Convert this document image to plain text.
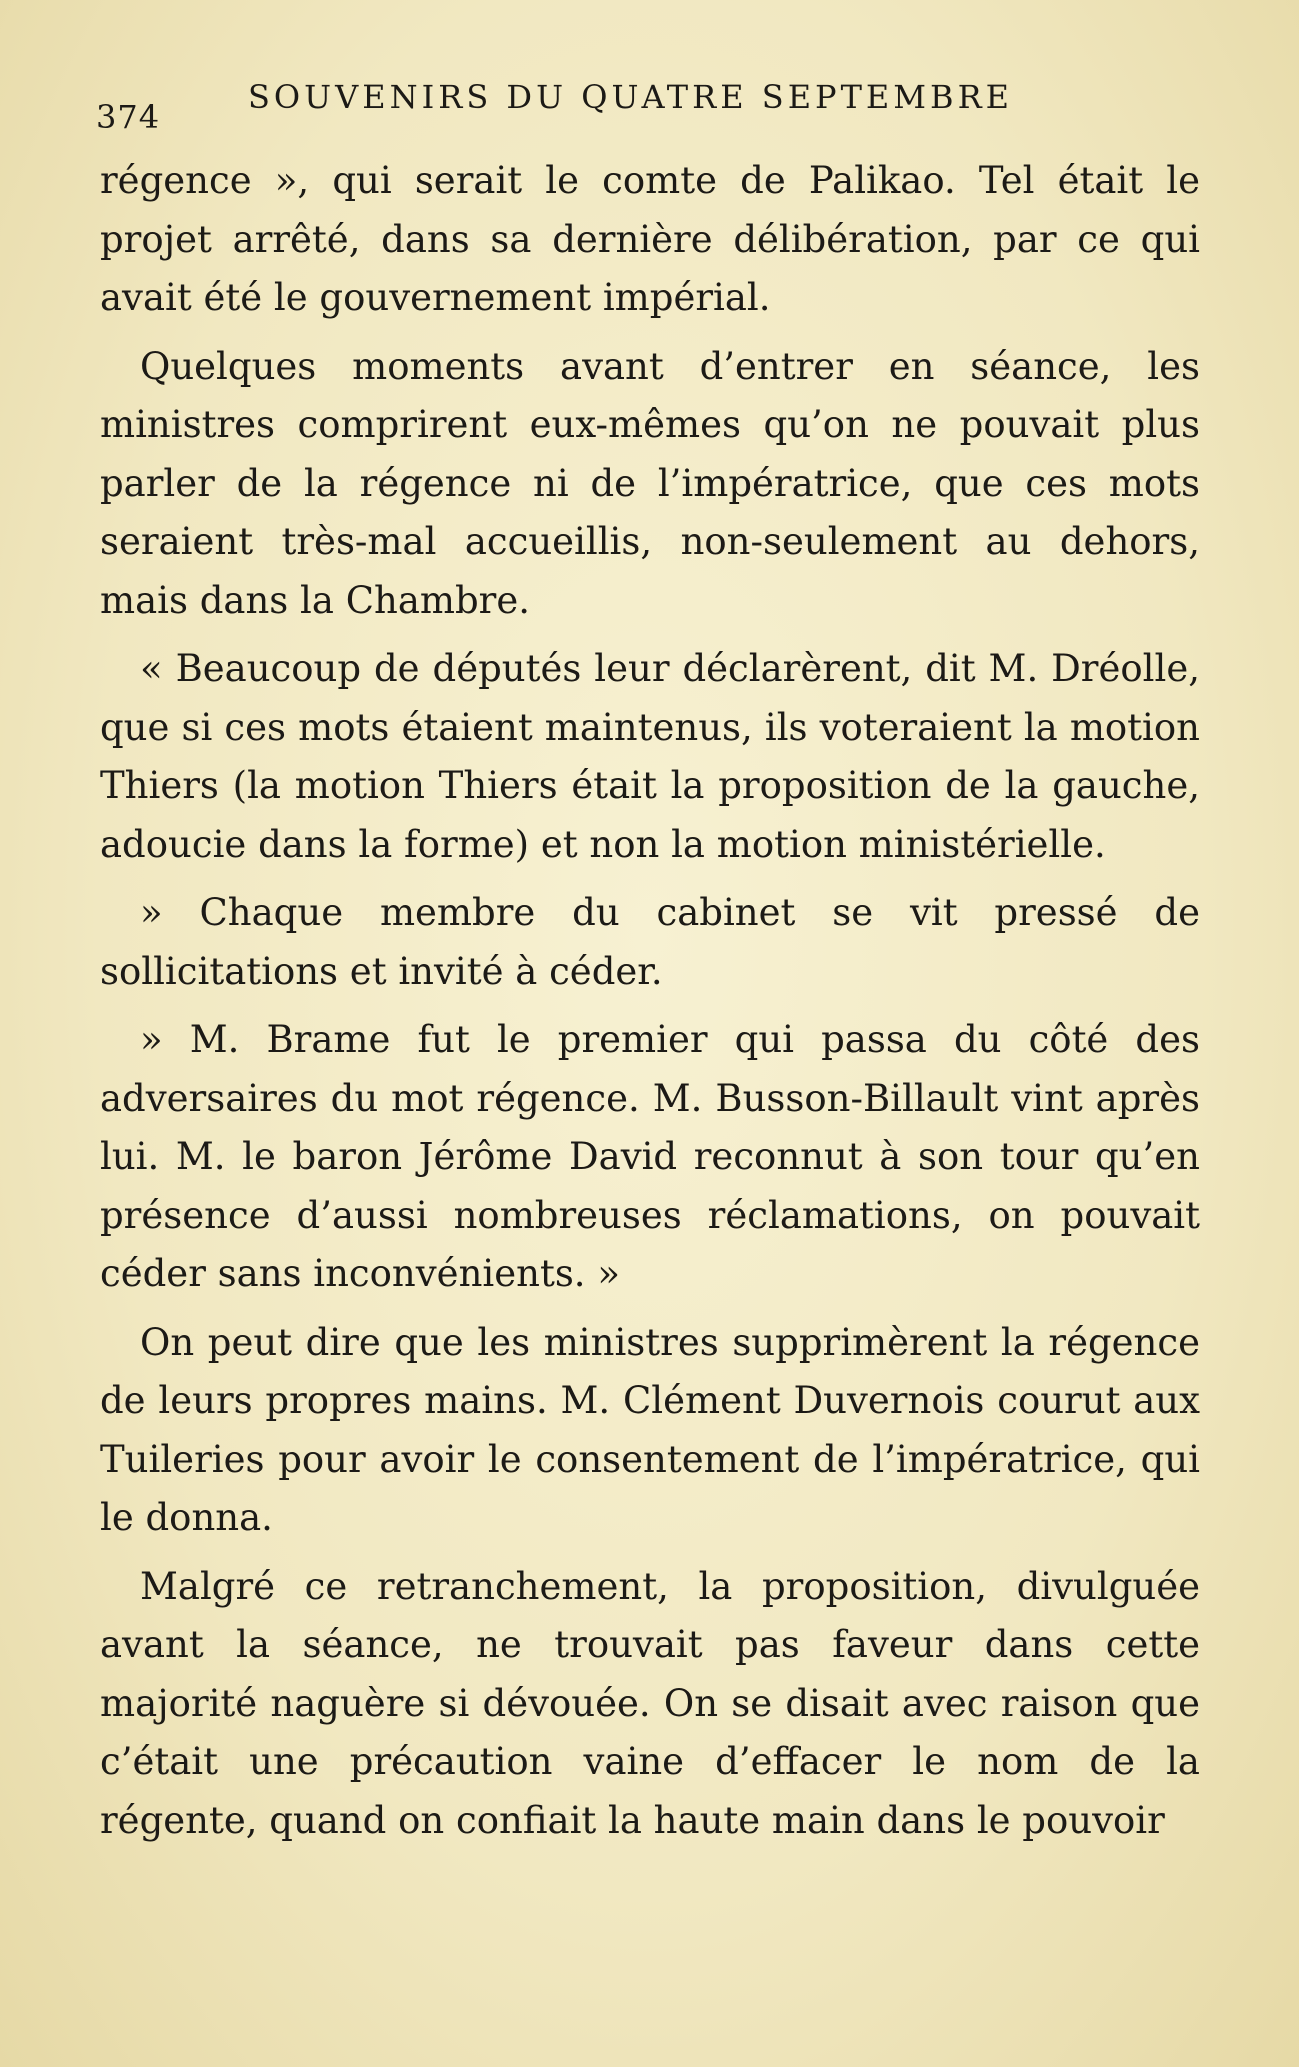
374
SOUVENIRS DU QUATRE SEPTEMBRE

régence », qui serait le comte de Palikao. Tel était le projet arrêté, dans sa dernière délibération, par ce qui avait été le gouvernement impérial.

Quelques moments avant d’entrer en séance, les ministres comprirent eux-mêmes qu’on ne pouvait plus parler de la régence ni de l’impératrice, que ces mots seraient très-mal accueillis, non-seulement au dehors, mais dans la Chambre.

« Beaucoup de députés leur déclarèrent, dit M. Dréolle, que si ces mots étaient maintenus, ils voteraient la motion Thiers (la motion Thiers était la proposition de la gauche, adoucie dans la forme) et non la motion ministérielle.

» Chaque membre du cabinet se vit pressé de sollicitations et invité à céder.

» M. Brame fut le premier qui passa du côté des adversaires du mot régence. M. Busson-Billault vint après lui. M. le baron Jérôme David reconnut à son tour qu’en présence d’aussi nombreuses réclamations, on pouvait céder sans inconvénients. »

On peut dire que les ministres supprimèrent la régence de leurs propres mains. M. Clément Duvernois courut aux Tuileries pour avoir le consentement de l’impératrice, qui le donna.

Malgré ce retranchement, la proposition, divulguée avant la séance, ne trouvait pas faveur dans cette majorité naguère si dévouée. On se disait avec raison que c’était une précaution vaine d’effacer le nom de la régente, quand on confiait la haute main dans le pouvoir
